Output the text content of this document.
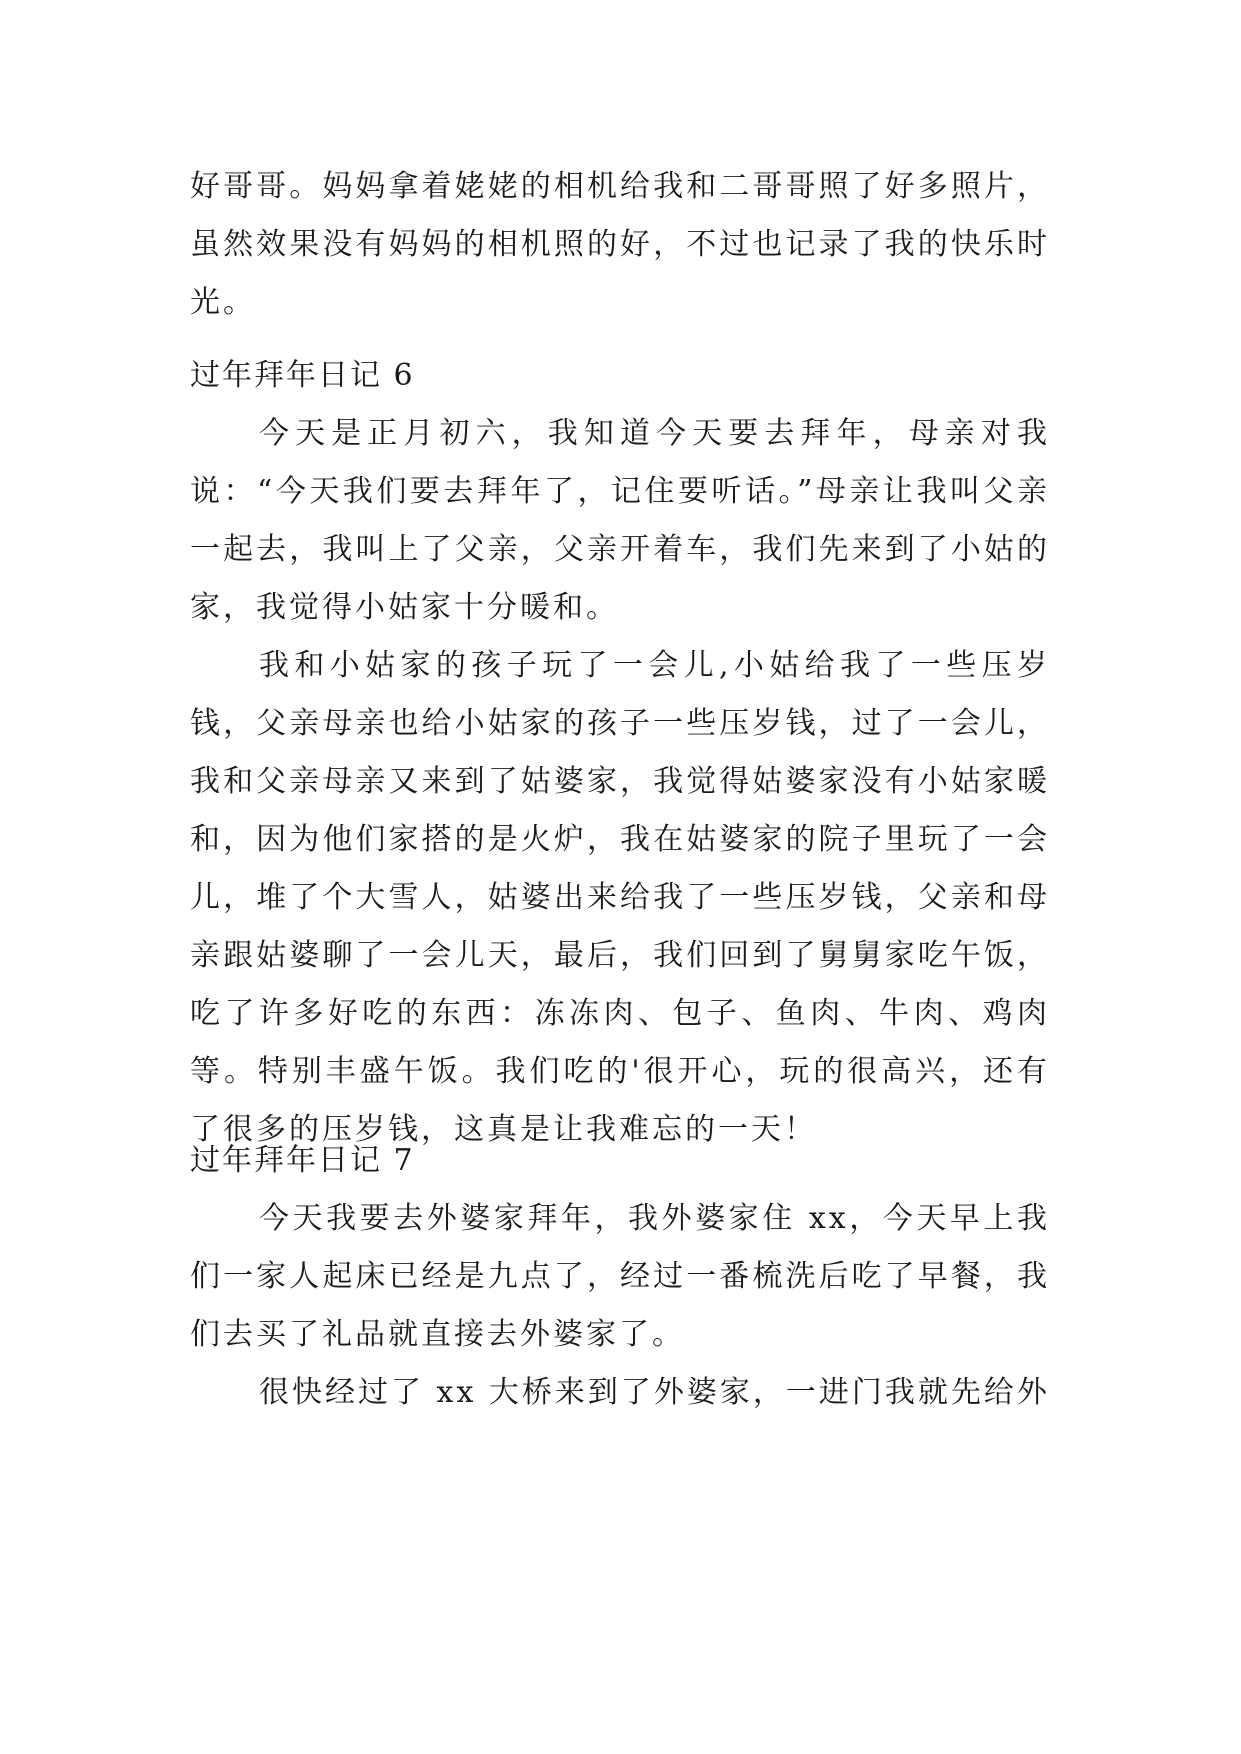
好哥哥。妈妈拿着姥姥的相机给我和二哥哥照了好多照片，虽然效果没有妈妈的相机照的好，不过也记录了我的快乐时光。

过年拜年日记 6

今天是正月初六，我知道今天要去拜年，母亲对我说：“今天我们要去拜年了，记住要听话。”母亲让我叫父亲一起去，我叫上了父亲，父亲开着车，我们先来到了小姑的家，我觉得小姑家十分暖和。

我和小姑家的孩子玩了一会儿,小姑给我了一些压岁钱，父亲母亲也给小姑家的孩子一些压岁钱，过了一会儿，我和父亲母亲又来到了姑婆家，我觉得姑婆家没有小姑家暖和，因为他们家搭的是火炉，我在姑婆家的院子里玩了一会儿，堆了个大雪人，姑婆出来给我了一些压岁钱，父亲和母亲跟姑婆聊了一会儿天，最后，我们回到了舅舅家吃午饭，吃了许多好吃的东西：冻冻肉、包子、鱼肉、牛肉、鸡肉等。特别丰盛午饭。我们吃的'很开心，玩的很高兴，还有了很多的压岁钱，这真是让我难忘的一天！

过年拜年日记 7

今天我要去外婆家拜年，我外婆家住 xx，今天早上我们一家人起床已经是九点了，经过一番梳洗后吃了早餐，我们去买了礼品就直接去外婆家了。

很快经过了 xx 大桥来到了外婆家，一进门我就先给外
